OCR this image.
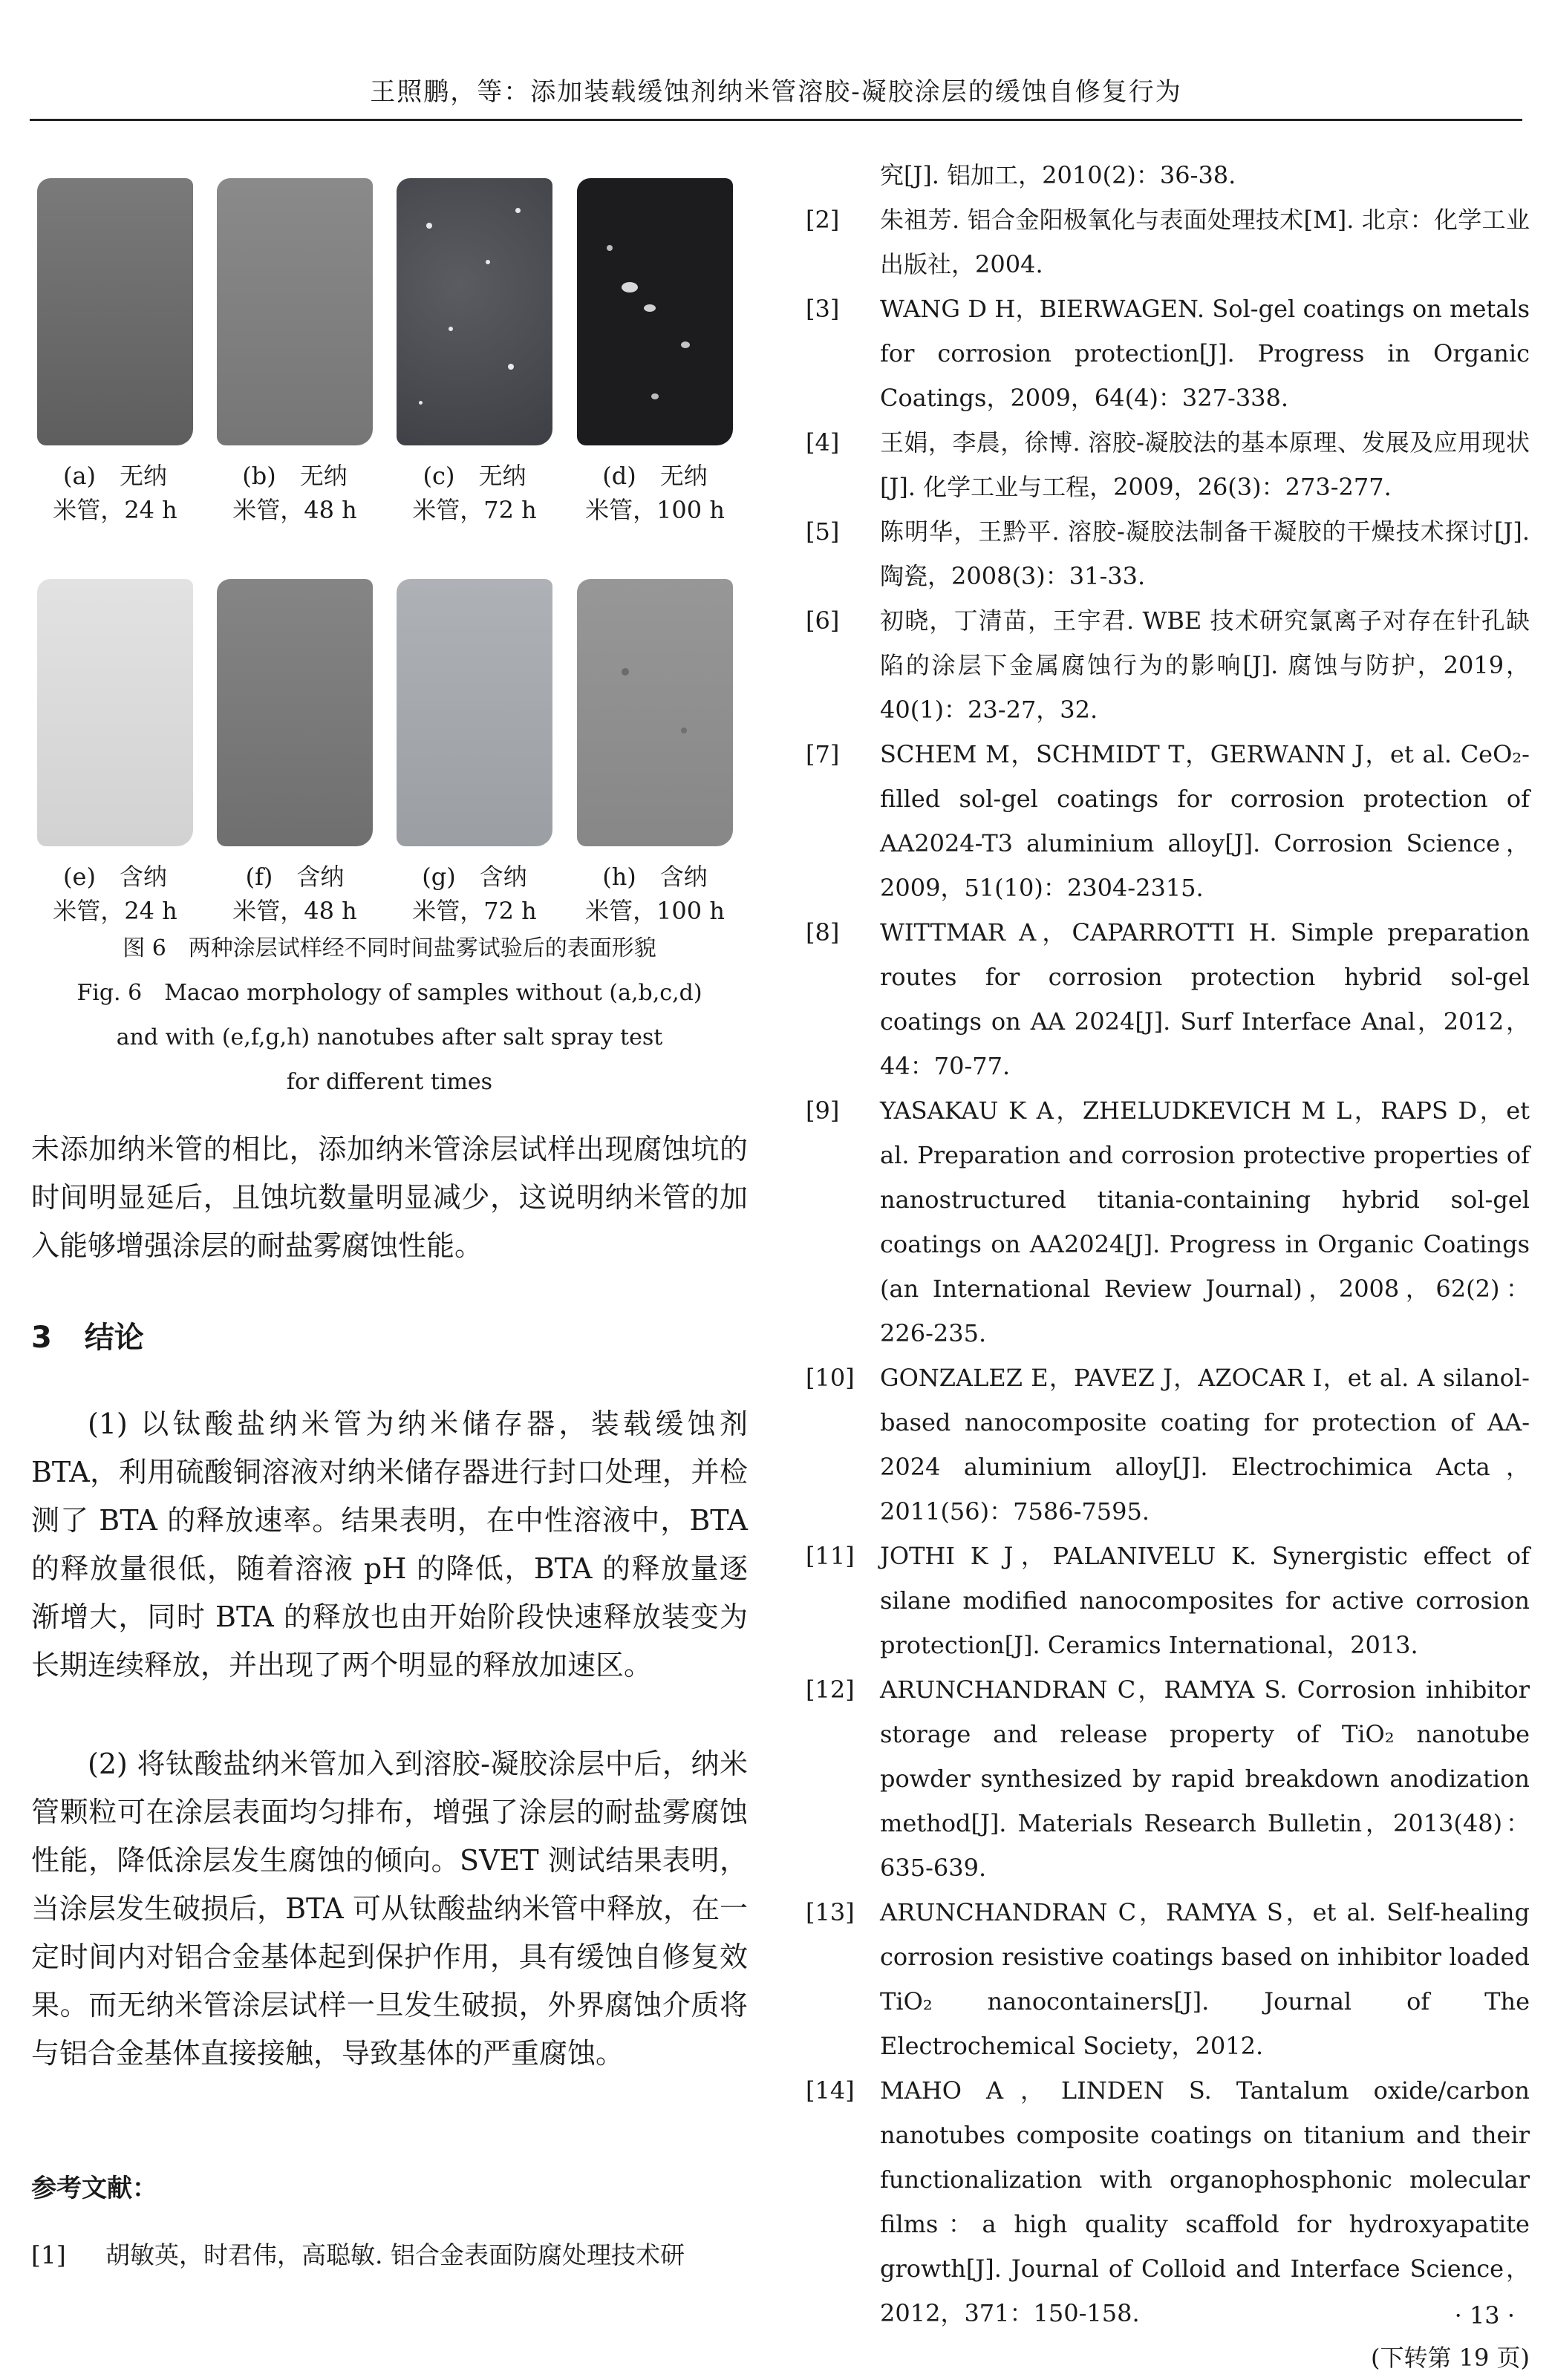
王照鹏，等：添加装载缓蚀剂纳米管溶胶-凝胶涂层的缓蚀自修复行为
(a)　无纳
米管，24 h
(b)　无纳
米管，48 h
(c)　无纳
米管，72 h
(d)　无纳
米管，100 h
(e)　含纳
米管，24 h
(f)　含纳
米管，48 h
(g)　含纳
米管，72 h
(h)　含纳
米管，100 h
图 6　两种涂层试样经不同时间盐雾试验后的表面形貌
Fig. 6　Macao morphology of samples without (a,b,c,d)
and with (e,f,g,h) nanotubes after salt spray test
for different times
未添加纳米管的相比，添加纳米管涂层试样出现腐蚀坑的时间明显延后，且蚀坑数量明显减少，这说明纳米管的加入能够增强涂层的耐盐雾腐蚀性能。
3 结论
(1) 以钛酸盐纳米管为纳米储存器，装载缓蚀剂 BTA，利用硫酸铜溶液对纳米储存器进行封口处理，并检测了 BTA 的释放速率。结果表明，在中性溶液中，BTA 的释放量很低，随着溶液 pH 的降低，BTA 的释放量逐渐增大，同时 BTA 的释放也由开始阶段快速释放装变为长期连续释放，并出现了两个明显的释放加速区。
(2) 将钛酸盐纳米管加入到溶胶-凝胶涂层中后，纳米管颗粒可在涂层表面均匀排布，增强了涂层的耐盐雾腐蚀性能，降低涂层发生腐蚀的倾向。SVET 测试结果表明，当涂层发生破损后，BTA 可从钛酸盐纳米管中释放，在一定时间内对铝合金基体起到保护作用，具有缓蚀自修复效果。而无纳米管涂层试样一旦发生破损，外界腐蚀介质将与铝合金基体直接接触，导致基体的严重腐蚀。
参考文献：
[1] 胡敏英，时君伟，高聪敏. 铝合金表面防腐处理技术研
究[J]. 铝加工，2010(2)：36-38.
[2]	朱祖芳. 铝合金阳极氧化与表面处理技术[M]. 北京：化学工业出版社，2004.
[3]	WANG D H，BIERWAGEN. Sol-gel coatings on metals for corrosion protection[J]. Progress in Organic Coatings，2009，64(4)：327-338.
[4]	王娟，李晨，徐博. 溶胶-凝胶法的基本原理、发展及应用现状[J]. 化学工业与工程，2009，26(3)：273-277.
[5]	陈明华，王黔平. 溶胶-凝胶法制备干凝胶的干燥技术探讨[J]. 陶瓷，2008(3)：31-33.
[6]	初晓，丁清苗，王宇君. WBE 技术研究氯离子对存在针孔缺陷的涂层下金属腐蚀行为的影响[J]. 腐蚀与防护，2019，40(1)：23-27，32.
[7]	SCHEM M，SCHMIDT T，GERWANN J，et al. CeO₂-filled sol-gel coatings for corrosion protection of AA2024-T3 aluminium alloy[J]. Corrosion Science，2009，51(10)：2304-2315.
[8]	WITTMAR A，CAPARROTTI H. Simple preparation routes for corrosion protection hybrid sol-gel coatings on AA 2024[J]. Surf Interface Anal，2012，44：70-77.
[9]	YASAKAU K A，ZHELUDKEVICH M L，RAPS D，et al. Preparation and corrosion protective properties of nanostructured titania-containing hybrid sol-gel coatings on AA2024[J]. Progress in Organic Coatings (an International Review Journal)，2008，62(2)：226-235.
[10]	GONZALEZ E，PAVEZ J，AZOCAR I，et al. A silanol-based nanocomposite coating for protection of AA-2024 aluminium alloy[J]. Electrochimica Acta，2011(56)：7586-7595.
[11]	JOTHI K J，PALANIVELU K. Synergistic effect of silane modified nanocomposites for active corrosion protection[J]. Ceramics International，2013.
[12]	ARUNCHANDRAN C，RAMYA S. Corrosion inhibitor storage and release property of TiO₂ nanotube powder synthesized by rapid breakdown anodization method[J]. Materials Research Bulletin，2013(48)：635-639.
[13]	ARUNCHANDRAN C，RAMYA S，et al. Self-healing corrosion resistive coatings based on inhibitor loaded TiO₂ nanocontainers[J]. Journal of The Electrochemical Society，2012.
[14]	MAHO A，LINDEN S. Tantalum oxide/carbon nanotubes composite coatings on titanium and their functionalization with organophosphonic molecular films：a high quality scaffold for hydroxyapatite growth[J]. Journal of Colloid and Interface Science，2012，371：150-158.
(下转第 19 页)
· 13 ·
